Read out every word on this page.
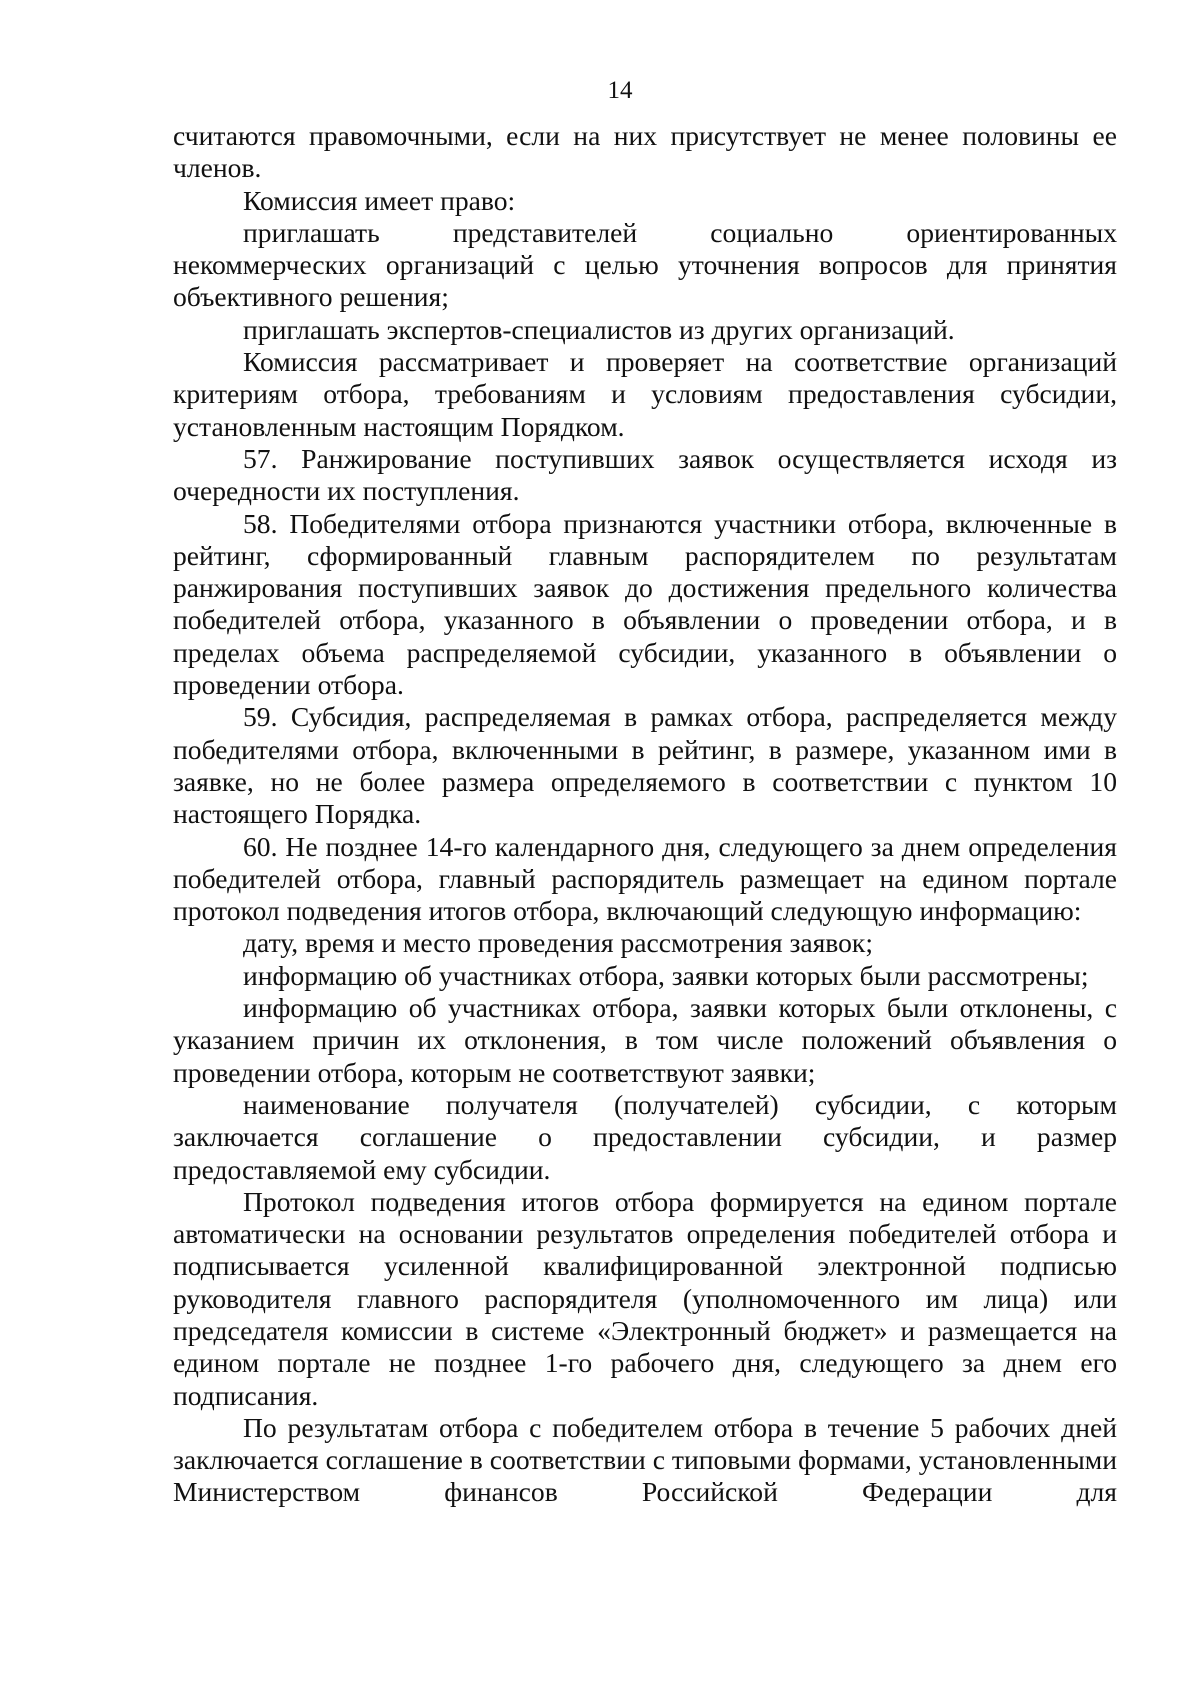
14

считаются правомочными, если на них присутствует не менее половины ее членов.

Комиссия имеет право:

приглашать представителей социально ориентированных некоммерческих организаций с целью уточнения вопросов для принятия объективного решения;

приглашать экспертов-специалистов из других организаций.

Комиссия рассматривает и проверяет на соответствие организаций критериям отбора, требованиям и условиям предоставления субсидии, установленным настоящим Порядком.

57. Ранжирование поступивших заявок осуществляется исходя из очередности их поступления.

58. Победителями отбора признаются участники отбора, включенные в рейтинг, сформированный главным распорядителем по результатам ранжирования поступивших заявок до достижения предельного количества победителей отбора, указанного в объявлении о проведении отбора, и в пределах объема распределяемой субсидии, указанного в объявлении о проведении отбора.

59. Субсидия, распределяемая в рамках отбора, распределяется между победителями отбора, включенными в рейтинг, в размере, указанном ими в заявке, но не более размера определяемого в соответствии с пунктом 10 настоящего Порядка.

60. Не позднее 14-го календарного дня, следующего за днем определения победителей отбора, главный распорядитель размещает на едином портале протокол подведения итогов отбора, включающий следующую информацию:

дату, время и место проведения рассмотрения заявок;

информацию об участниках отбора, заявки которых были рассмотрены;

информацию об участниках отбора, заявки которых были отклонены, с указанием причин их отклонения, в том числе положений объявления о проведении отбора, которым не соответствуют заявки;

наименование получателя (получателей) субсидии, с которым заключается соглашение о предоставлении субсидии, и размер предоставляемой ему субсидии.

Протокол подведения итогов отбора формируется на едином портале автоматически на основании результатов определения победителей отбора и подписывается усиленной квалифицированной электронной подписью руководителя главного распорядителя (уполномоченного им лица) или председателя комиссии в системе «Электронный бюджет» и размещается на едином портале не позднее 1-го рабочего дня, следующего за днем его подписания.

По результатам отбора с победителем отбора в течение 5 рабочих дней заключается соглашение в соответствии с типовыми формами, установленными Министерством финансов Российской Федерации для
